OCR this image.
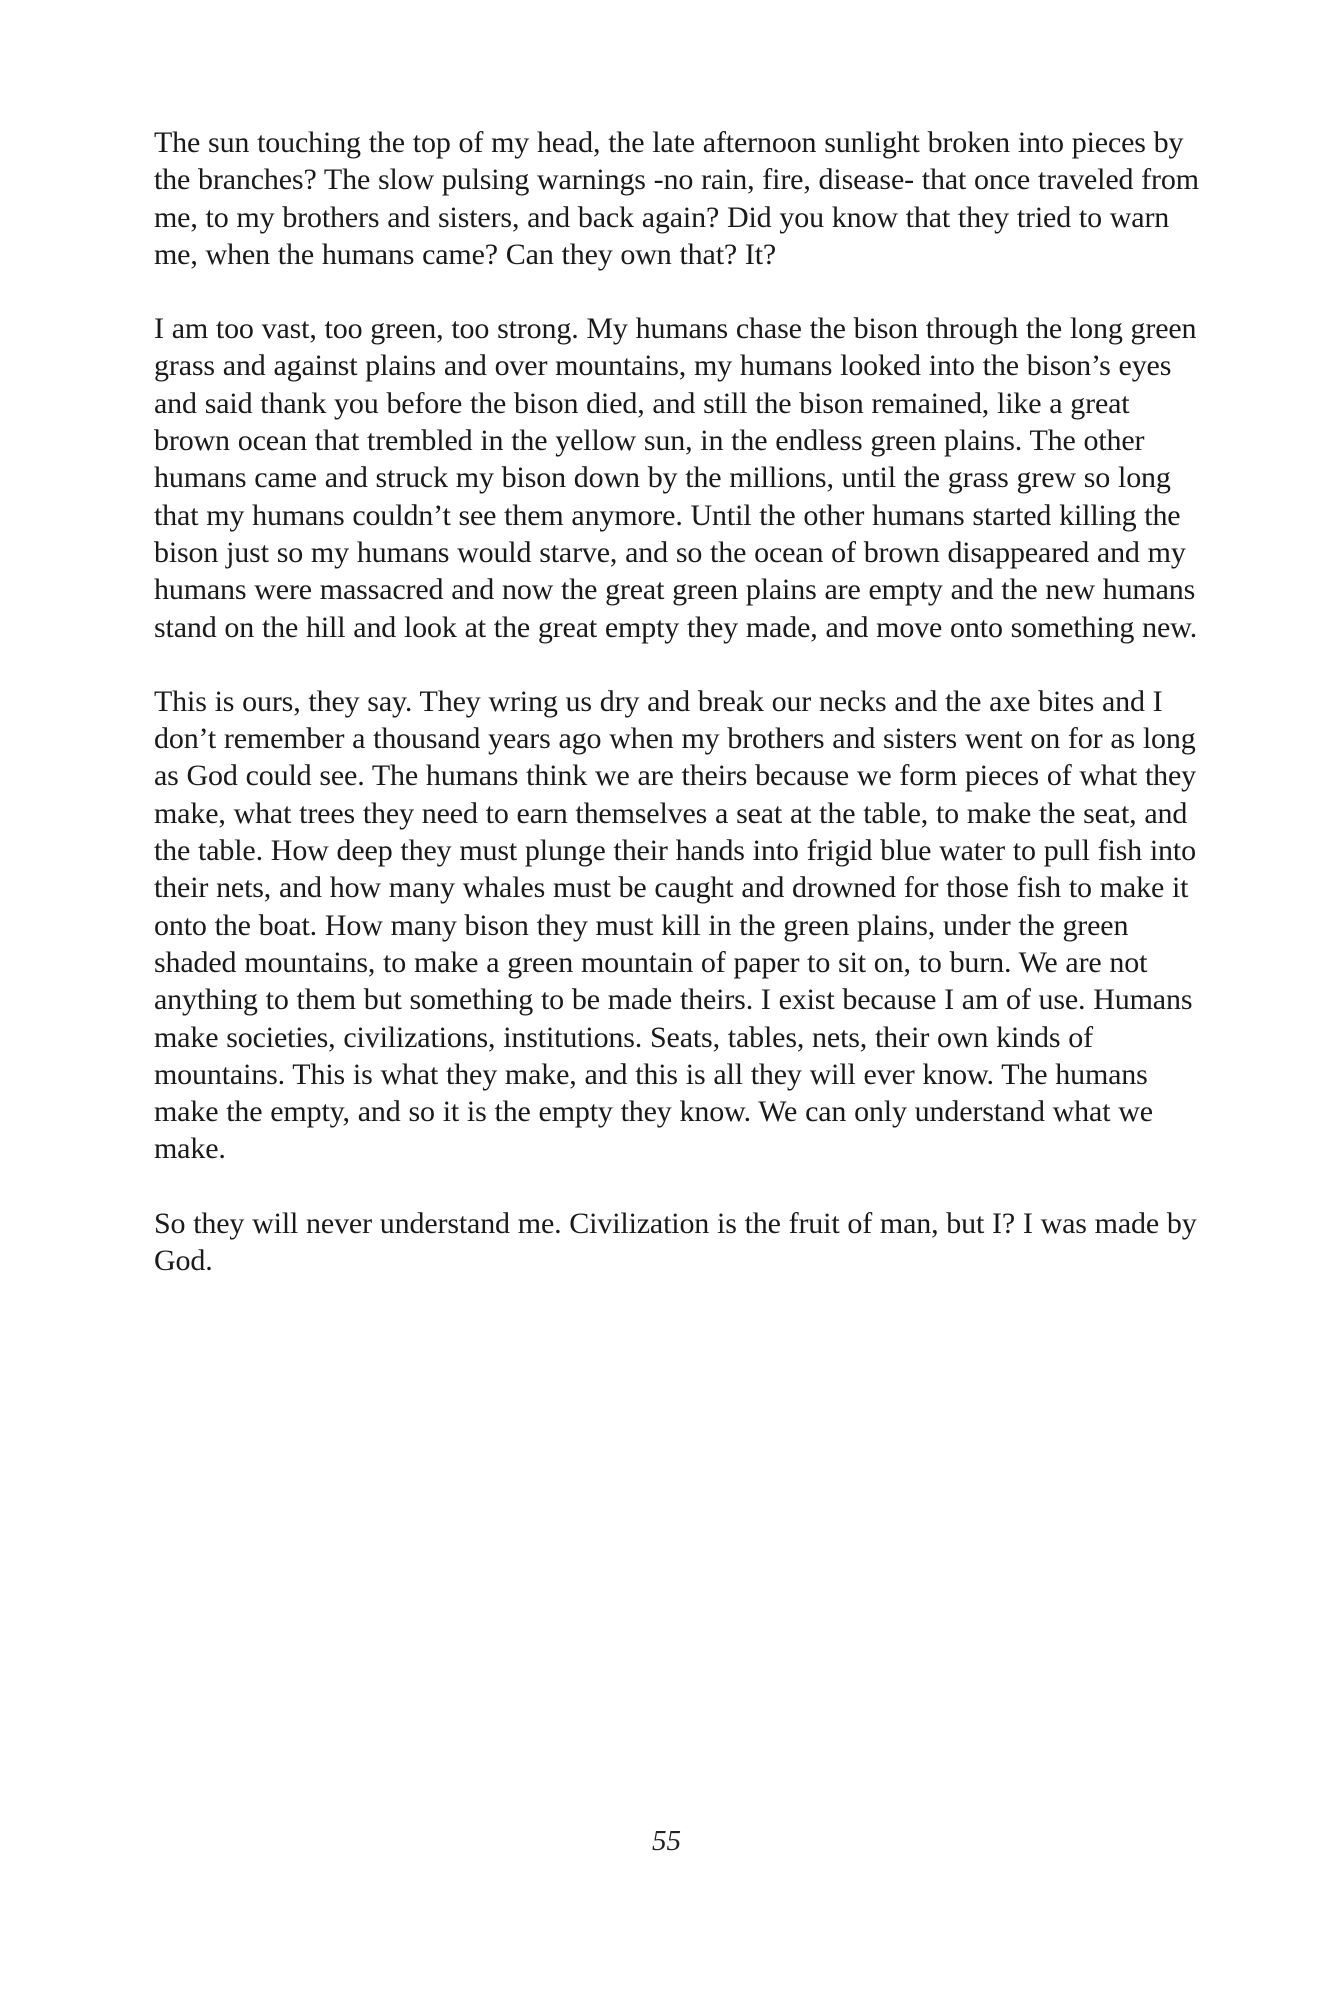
The sun touching the top of my head, the late afternoon sunlight broken into pieces by the branches? The slow pulsing warnings -no rain, fire, disease- that once traveled from me, to my brothers and sisters, and back again? Did you know that they tried to warn me, when the humans came? Can they own that? It?

I am too vast, too green, too strong. My humans chase the bison through the long green grass and against plains and over mountains, my humans looked into the bison’s eyes and said thank you before the bison died, and still the bison remained, like a great brown ocean that trembled in the yellow sun, in the endless green plains. The other humans came and struck my bison down by the millions, until the grass grew so long that my humans couldn’t see them anymore. Until the other humans started killing the bison just so my humans would starve, and so the ocean of brown disappeared and my humans were massacred and now the great green plains are empty and the new humans stand on the hill and look at the great empty they made, and move onto something new.

This is ours, they say. They wring us dry and break our necks and the axe bites and I don’t remember a thousand years ago when my brothers and sisters went on for as long as God could see. The humans think we are theirs because we form pieces of what they make, what trees they need to earn themselves a seat at the table, to make the seat, and the table. How deep they must plunge their hands into frigid blue water to pull fish into their nets, and how many whales must be caught and drowned for those fish to make it onto the boat. How many bison they must kill in the green plains, under the green shaded mountains, to make a green mountain of paper to sit on, to burn. We are not anything to them but something to be made theirs. I exist because I am of use. Humans make societies, civilizations, institutions. Seats, tables, nets, their own kinds of mountains. This is what they make, and this is all they will ever know. The humans make the empty, and so it is the empty they know. We can only understand what we make.

So they will never understand me. Civilization is the fruit of man, but I? I was made by God.

55
